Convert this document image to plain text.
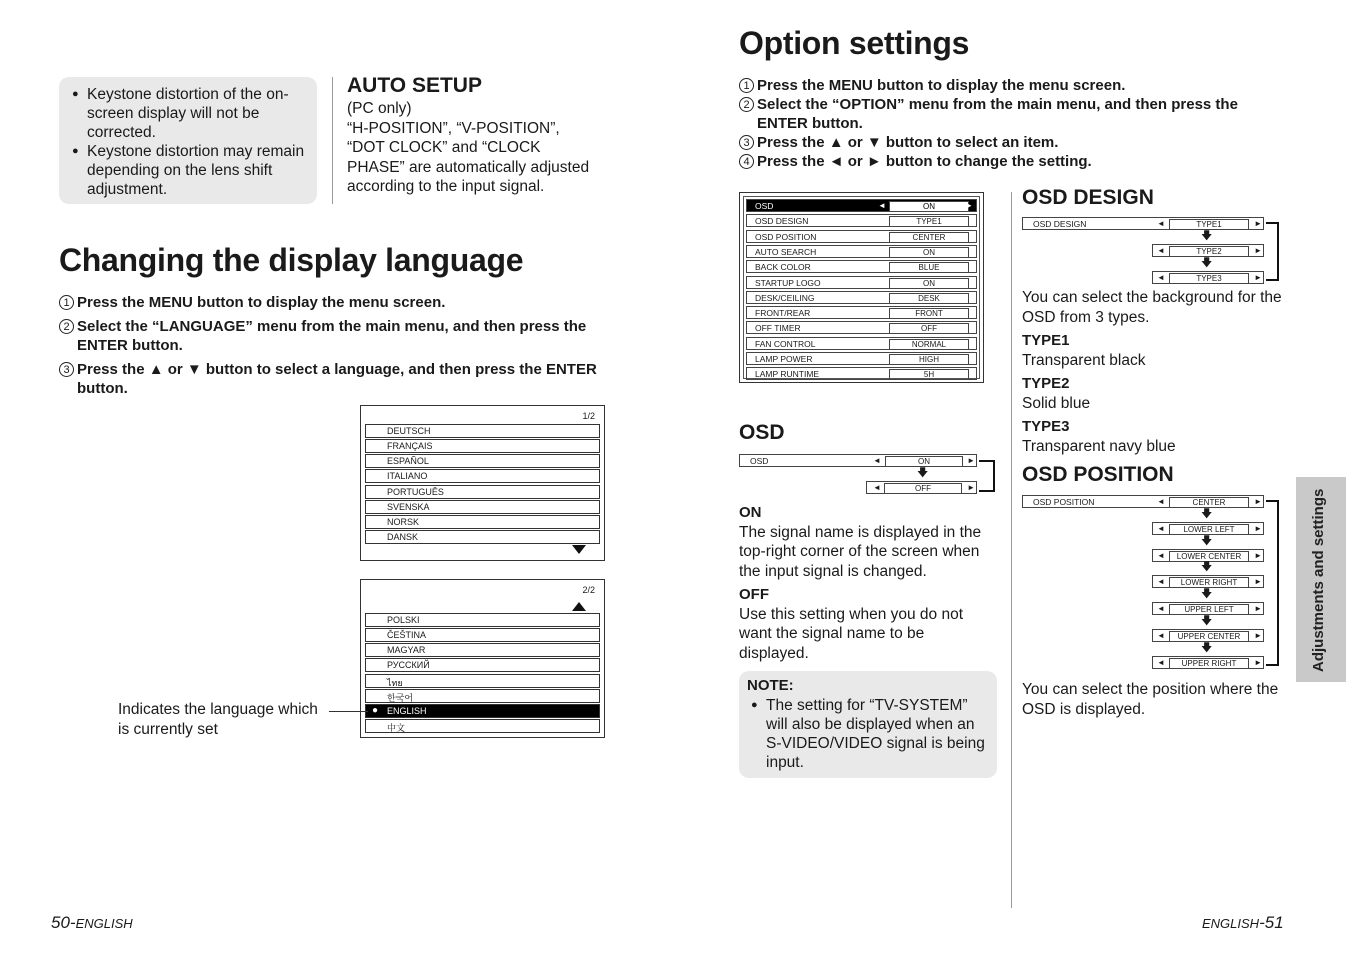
● Keystone distortion of the on-screen display will not be corrected.
● Keystone distortion may remain depending on the lens shift adjustment.
AUTO SETUP
(PC only)
“H-POSITION”, “V-POSITION”,
“DOT CLOCK” and “CLOCK
PHASE” are automatically adjusted
according to the input signal.
Changing the display language
1 Press the MENU button to display the menu screen.
2 Select the “LANGUAGE” menu from the main menu, and then press the ENTER button.
3 Press the ▲ or ▼ button to select a language, and then press the ENTER button.
1/2
DEUTSCH
FRANÇAIS
ESPAÑOL
ITALIANO
PORTUGUÊS
SVENSKA
NORSK
DANSK
2/2
POLSKI
ČEŠTINA
MAGYAR
РУССКИЙ
ไทย
한국어
● ENGLISH
中文
Indicates the language which
is currently set
50-ENGLISH
Option settings
1 Press the MENU button to display the menu screen.
2 Select the “OPTION” menu from the main menu, and then press the ENTER button.
3 Press the ▲ or ▼ button to select an item.
4 Press the ◄ or ► button to change the setting.
OSD	ON
◄	►
OSD DESIGN	TYPE1
OSD POSITION	CENTER
AUTO SEARCH	ON
BACK COLOR	BLUE
STARTUP LOGO	ON
DESK/CEILING	DESK
FRONT/REAR	FRONT
OFF TIMER	OFF
FAN CONTROL	NORMAL
LAMP POWER	HIGH
LAMP RUNTIME	5H
OSD
OSD	◄	ON	►
🡇
◄	OFF	►
ON
The signal name is displayed in the top-right corner of the screen when the input signal is changed.
OFF
Use this setting when you do not want the signal name to be displayed.
NOTE:
● The setting for “TV-SYSTEM” will also be displayed when an S-VIDEO/VIDEO signal is being input.
OSD DESIGN
OSD DESIGN	◄	TYPE1	►
🡇
◄	TYPE2	►
🡇
◄	TYPE3	►
You can select the background for the OSD from 3 types.
TYPE1
Transparent black
TYPE2
Solid blue
TYPE3
Transparent navy blue
OSD POSITION
OSD POSITION	◄	CENTER	►
🡇
◄	LOWER LEFT	►
🡇
◄	LOWER CENTER	►
🡇
◄	LOWER RIGHT	►
🡇
◄	UPPER LEFT	►
🡇
◄	UPPER CENTER	►
🡇
◄	UPPER RIGHT	►
You can select the position where the OSD is displayed.
Adjustments and settings
ENGLISH-51
